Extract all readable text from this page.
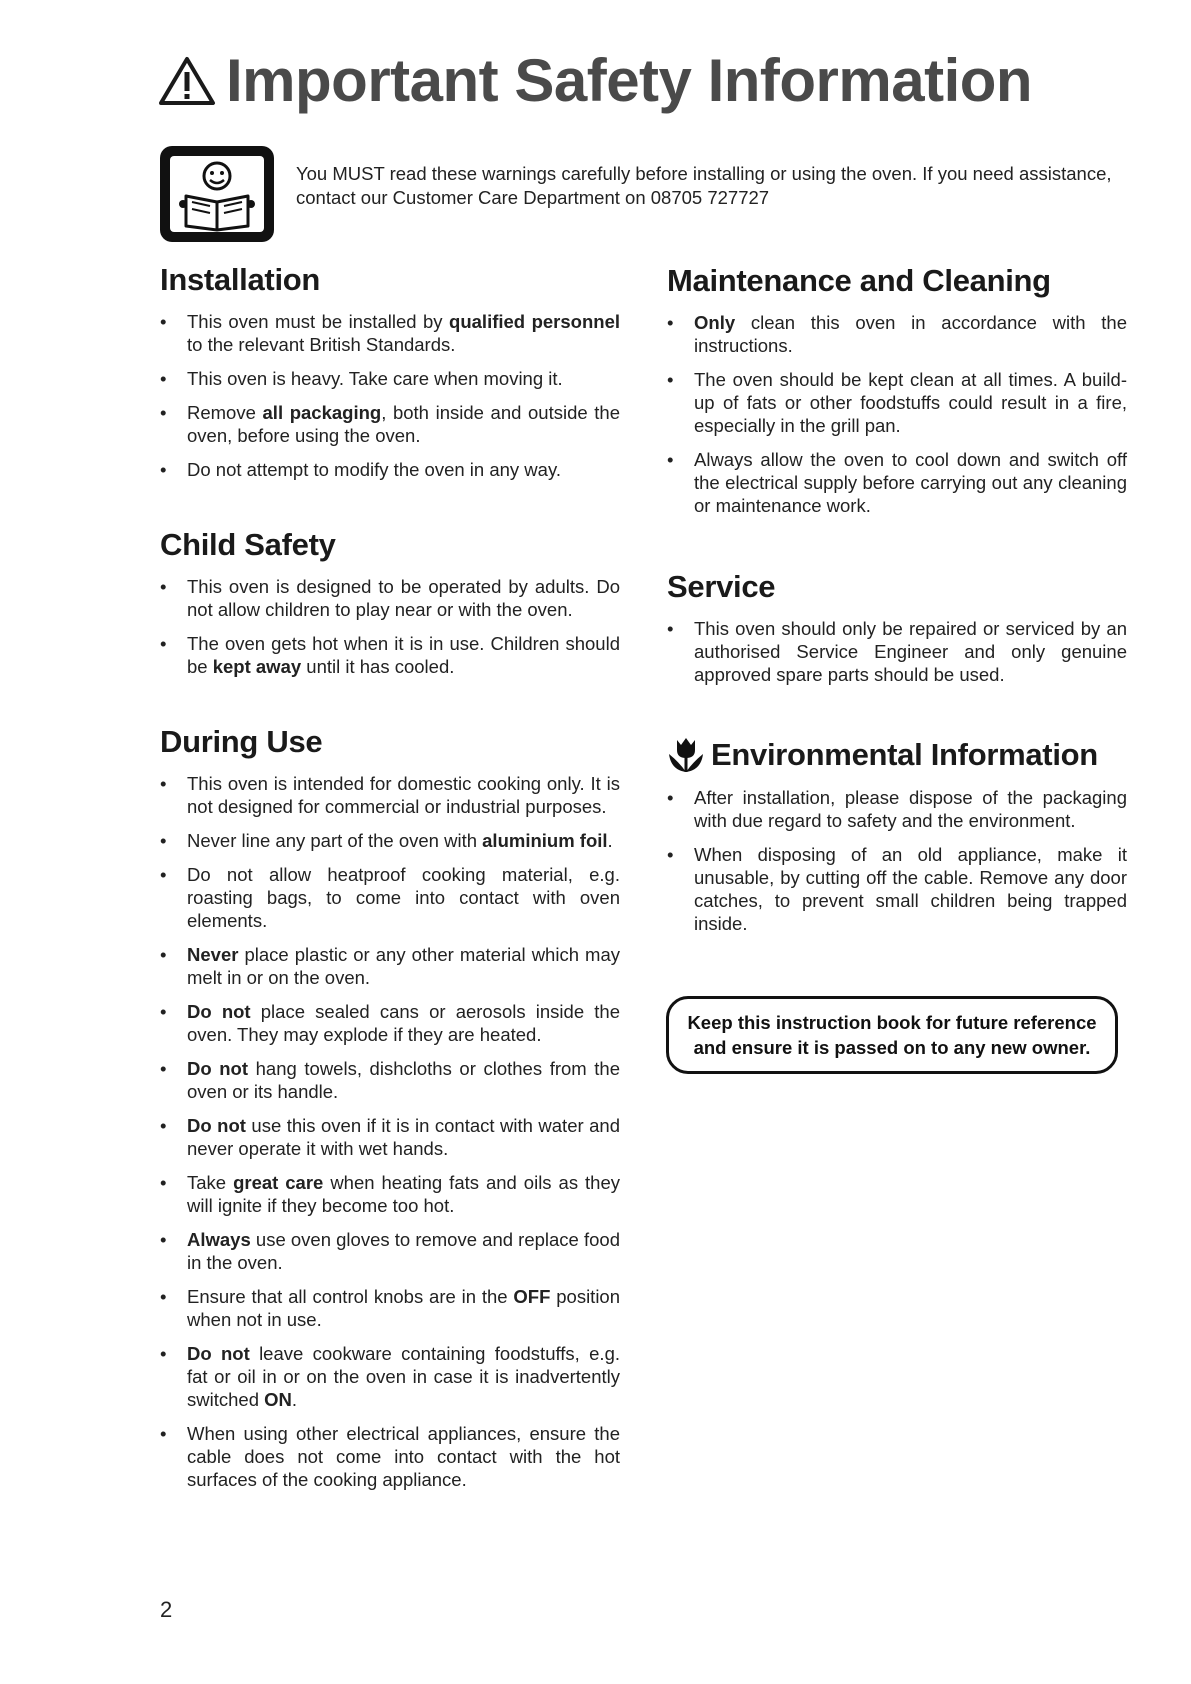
Important Safety Information
You MUST read these warnings carefully before installing or using the oven. If you need assistance, contact our Customer Care Department on 08705 727727
Installation
• This oven must be installed by qualified personnel to the relevant British Standards.
• This oven is heavy. Take care when moving it.
• Remove all packaging, both inside and outside the oven, before using the oven.
• Do not attempt to modify the oven in any way.
Child Safety
• This oven is designed to be operated by adults. Do not allow children to play near or with the oven.
• The oven gets hot when it is in use. Children should be kept away until it has cooled.
During Use
• This oven is intended for domestic cooking only. It is not designed for commercial or industrial purposes.
• Never line any part of the oven with aluminium foil.
• Do not allow heatproof cooking material, e.g. roasting bags, to come into contact with oven elements.
• Never place plastic or any other material which may melt in or on the oven.
• Do not place sealed cans or aerosols inside the oven. They may explode if they are heated.
• Do not hang towels, dishcloths or clothes from the oven or its handle.
• Do not use this oven if it is in contact with water and never operate it with wet hands.
• Take great care when heating fats and oils as they will ignite if they become too hot.
• Always use oven gloves to remove and replace food in the oven.
• Ensure that all control knobs are in the OFF position when not in use.
• Do not leave cookware containing foodstuffs, e.g. fat or oil in or on the oven in case it is inadvertently switched ON.
• When using other electrical appliances, ensure the cable does not come into contact with the hot surfaces of the cooking appliance.
Maintenance and Cleaning
• Only clean this oven in accordance with the instructions.
• The oven should be kept clean at all times. A build-up of fats or other foodstuffs could result in a fire, especially in the grill pan.
• Always allow the oven to cool down and switch off the electrical supply before carrying out any cleaning or maintenance work.
Service
• This oven should only be repaired or serviced by an authorised Service Engineer and only genuine approved spare parts should be used.
Environmental Information
• After installation, please dispose of the packaging with due regard to safety and the environment.
• When disposing of an old appliance, make it unusable, by cutting off the cable. Remove any door catches, to prevent small children being trapped inside.
Keep this instruction book for future reference and ensure it is passed on to any new owner.
2
